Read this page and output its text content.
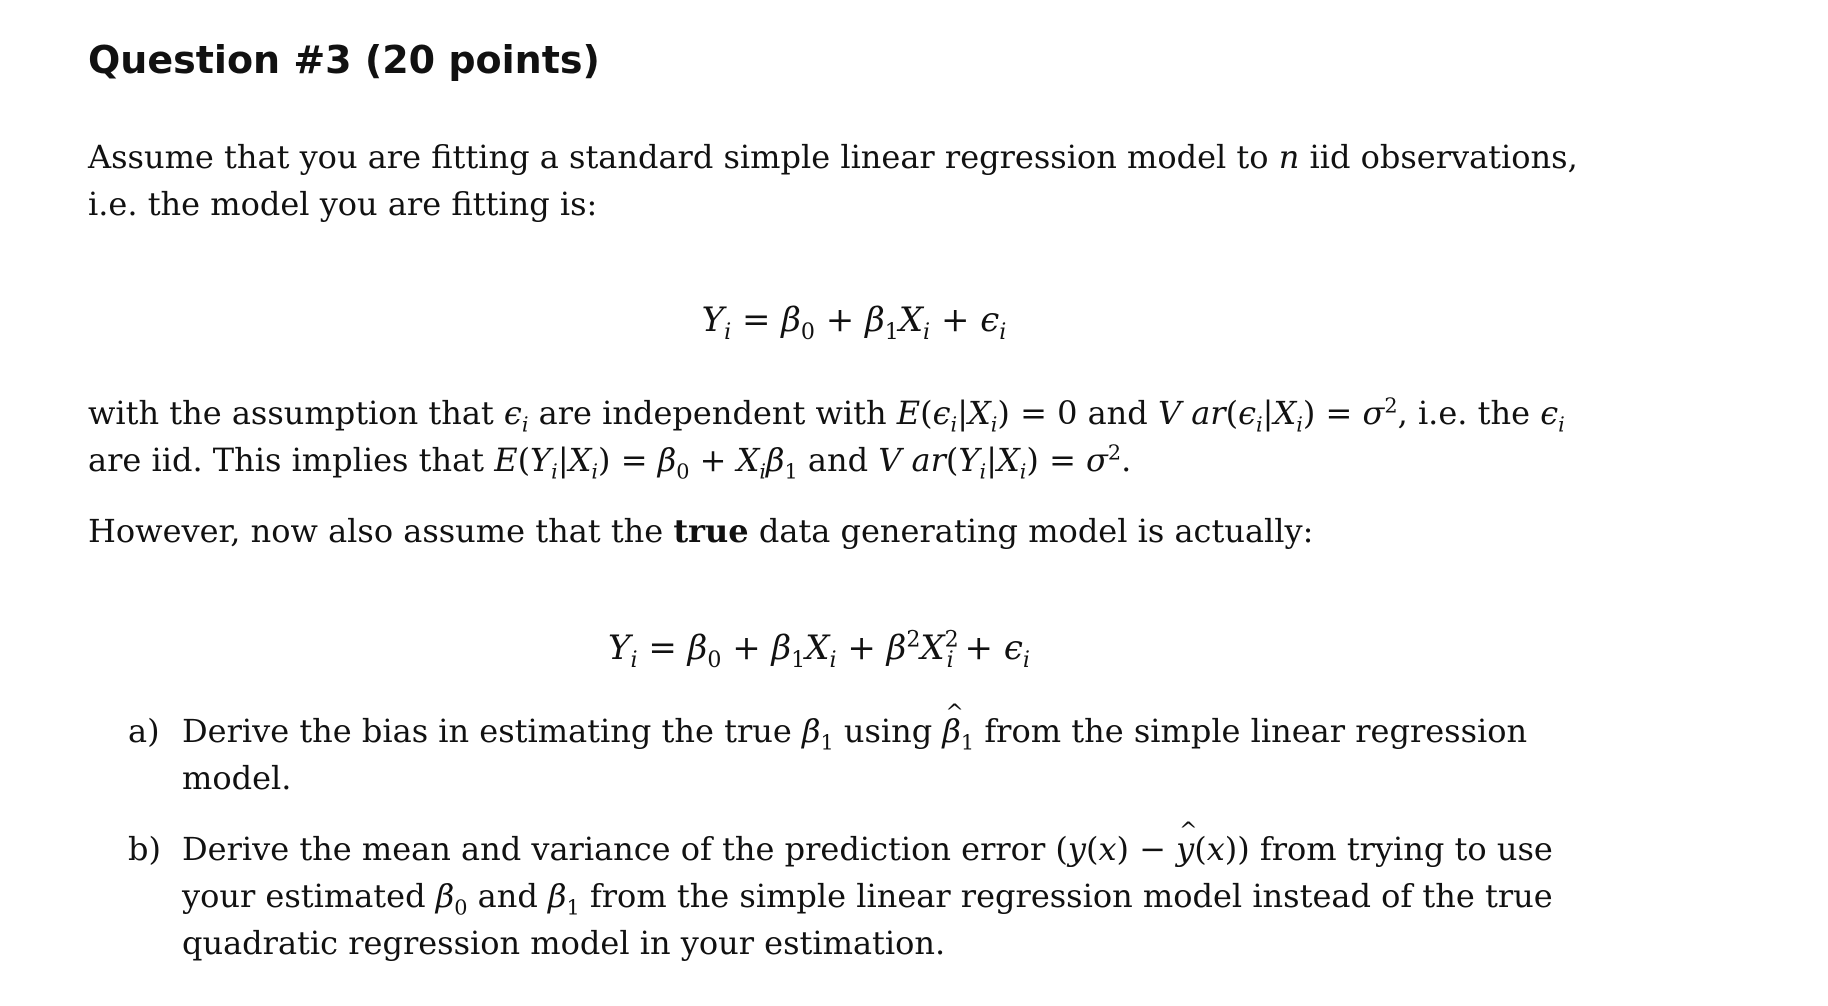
Question #3 (20 points)

Assume that you are fitting a standard simple linear regression model to n iid observations, i.e. the model you are fitting is:

$Y_i = \beta_0 + \beta_1X_i + \epsilon_i$

with the assumption that $\epsilon_i$ are independent with $E(\epsilon_i|X_i) = 0$ and V $ar(\epsilon_i|X_i) = \sigma^2$, i.e. the $\epsilon_i$ are iid. This implies that $E(Y_i|X_i) = \beta_0 + X_i\beta_1$ and V $ar(Y_i|X_i) = \sigma^2$.

However, now also assume that the true data generating model is actually:

$Y_i = \beta_0 + \beta_1X_i + \beta^2X^2_i + \epsilon_i$
a) Derive the bias in estimating the true $\beta_1$ using ^ $\beta_1$ from the simple linear regression model.
b) Derive the mean and variance of the prediction error (y(x) − ^ y(x)) from trying to use your estimated $\beta_0$ and $\beta_1$ from the simple linear regression model instead of the true quadratic regression model in your estimation.
